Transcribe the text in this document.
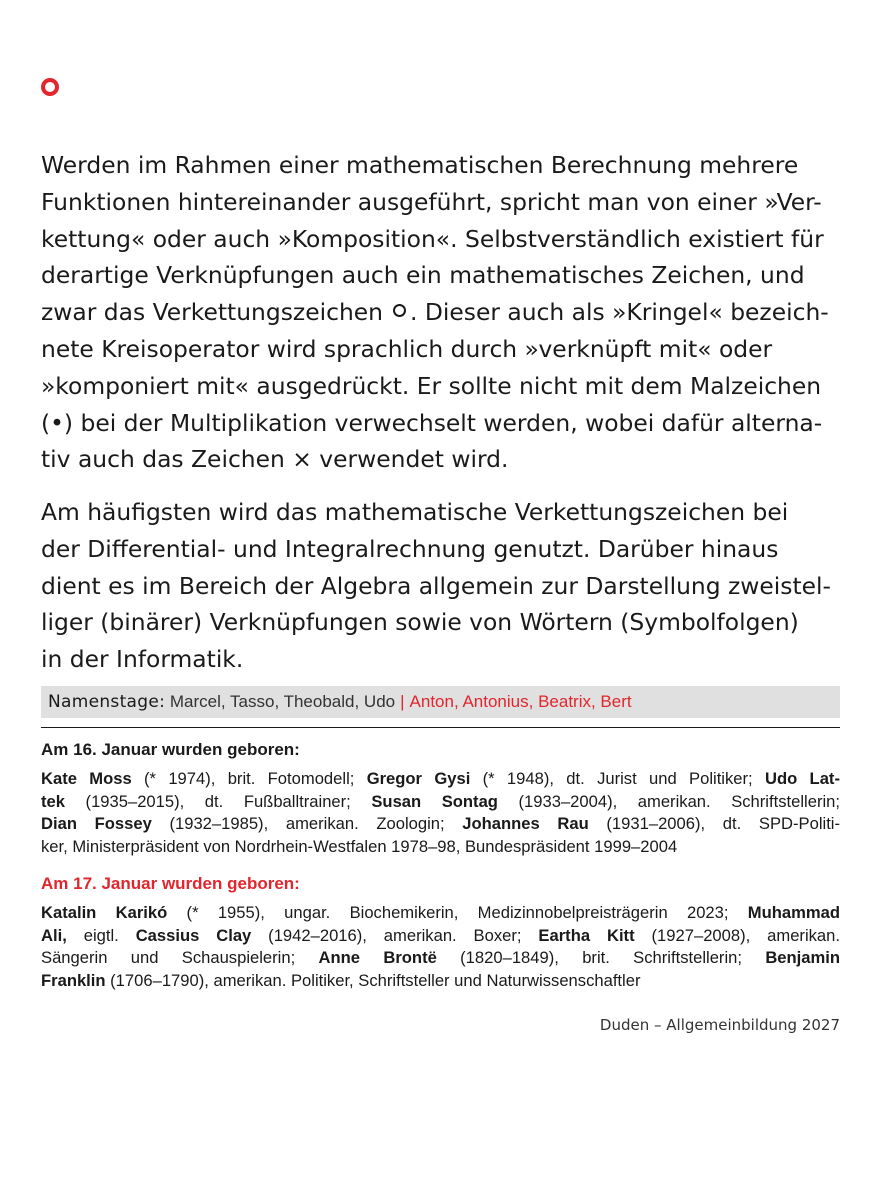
Werden im Rahmen einer mathematischen Berechnung mehrere
Funktionen hintereinander ausgeführt, spricht man von einer »Ver-
kettung« oder auch »Komposition«. Selbstverständlich existiert für
derartige Verknüpfungen auch ein mathematisches Zeichen, und
zwar das Verkettungszeichen . Dieser auch als »Kringel« bezeich-
nete Kreisoperator wird sprachlich durch »verknüpft mit« oder
»komponiert mit« ausgedrückt. Er sollte nicht mit dem Malzeichen
(•) bei der Multiplikation verwechselt werden, wobei dafür alterna-
tiv auch das Zeichen × verwendet wird.
Am häufigsten wird das mathematische Verkettungszeichen bei
der Differential- und Integralrechnung genutzt. Darüber hinaus
dient es im Bereich der Algebra allgemein zur Darstellung zweistel-
liger (binärer) Verknüpfungen sowie von Wörtern (Symbolfolgen)
in der Informatik.
Namenstage: Marcel, Tasso, Theobald, Udo | Anton, Antonius, Beatrix, Bert
Am 16. Januar wurden geboren:
Kate Moss (* 1974), brit. Fotomodell; Gregor Gysi (* 1948), dt. Jurist und Politiker; Udo Lat-
tek (1935–2015), dt. Fußballtrainer; Susan Sontag (1933–2004), amerikan. Schriftstellerin;
Dian Fossey (1932–1985), amerikan. Zoologin; Johannes Rau (1931–2006), dt. SPD-Politi-
ker, Ministerpräsident von Nordrhein-Westfalen 1978–98, Bundespräsident 1999–2004
Am 17. Januar wurden geboren:
Katalin Karikó (* 1955), ungar. Biochemikerin, Medizinnobelpreisträgerin 2023; Muhammad
Ali, eigtl. Cassius Clay (1942–2016), amerikan. Boxer; Eartha Kitt (1927–2008), amerikan.
Sängerin und Schauspielerin; Anne Brontë (1820–1849), brit. Schriftstellerin; Benjamin
Franklin (1706–1790), amerikan. Politiker, Schriftsteller und Naturwissenschaftler
Duden – Allgemeinbildung 2027
